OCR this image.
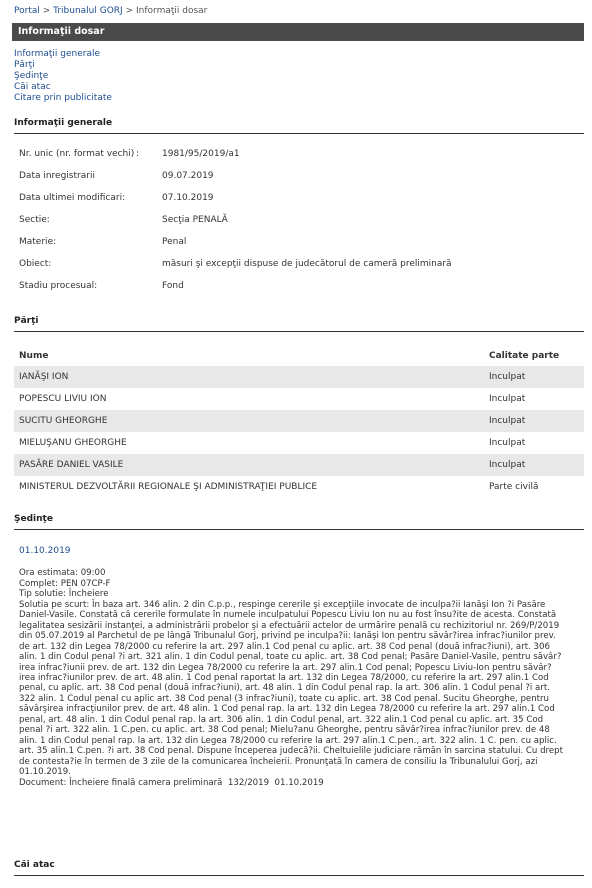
Portal > Tribunalul GORJ > Informaţii dosar
Informaţii dosar
Informaţii generale
Părţi
Şedinţe
Căi atac
Citare prin publicitate
Informaţii generale
Nr. unic (nr. format vechi) :	1981/95/2019/a1
Data inregistrarii	09.07.2019
Data ultimei modificari:	07.10.2019
Sectie:	Secţia PENALĂ
Materie:	Penal
Obiect:	măsuri şi excepţii dispuse de judecătorul de cameră preliminară
Stadiu procesual:	Fond
Părţi
Nume	Calitate parte
IANĂŞI ION	Inculpat
POPESCU LIVIU ION	Inculpat
SUCITU GHEORGHE	Inculpat
MIELUŞANU GHEORGHE	Inculpat
PASĂRE DANIEL VASILE	Inculpat
MINISTERUL DEZVOLTĂRII REGIONALE ŞI ADMINISTRAŢIEI PUBLICE	Parte civilă
Şedinţe
01.10.2019
Ora estimata: 09:00
Complet: PEN 07CP-F
Tip solutie: Încheiere
Solutia pe scurt: În baza art. 346 alin. 2 din C.p.p., respinge cererile şi excepţiile invocate de inculpa?ii Ianăşi Ion ?i Pasăre
Daniel-Vasile. Constată că cererile formulate în numele inculpatului Popescu Liviu Ion nu au fost însu?ite de acesta. Constată
legalitatea sesizării instanţei, a administrării probelor şi a efectuării actelor de urmărire penală cu rechizitoriul nr. 269/P/2019
din 05.07.2019 al Parchetul de pe lângă Tribunalul Gorj, privind pe inculpa?ii: Ianăşi Ion pentru săvâr?irea infrac?iunilor prev.
de art. 132 din Legea 78/2000 cu referire la art. 297 alin.1 Cod penal cu aplic. art. 38 Cod penal (două infrac?iuni), art. 306
alin. 1 din Codul penal ?i art. 321 alin. 1 din Codul penal, toate cu aplic. art. 38 Cod penal; Pasăre Daniel-Vasile, pentru săvâr?
irea infrac?iunii prev. de art. 132 din Legea 78/2000 cu referire la art. 297 alin.1 Cod penal; Popescu Liviu-Ion pentru săvâr?
irea infrac?iunilor prev. de art. 48 alin. 1 Cod penal raportat la art. 132 din Legea 78/2000, cu referire la art. 297 alin.1 Cod
penal, cu aplic. art. 38 Cod penal (două infrac?iuni), art. 48 alin. 1 din Codul penal rap. la art. 306 alin. 1 Codul penal ?i art.
322 alin. 1 Codul penal cu aplic art. 38 Cod penal (3 infrac?iuni), toate cu aplic. art. 38 Cod penal. Sucitu Gheorghe, pentru
săvârşirea infracţiunilor prev. de art. 48 alin. 1 Cod penal rap. la art. 132 din Legea 78/2000 cu referire la art. 297 alin.1 Cod
penal, art. 48 alin. 1 din Codul penal rap. la art. 306 alin. 1 din Codul penal, art. 322 alin.1 Cod penal cu aplic. art. 35 Cod
penal ?i art. 322 alin. 1 C.pen. cu aplic. art. 38 Cod penal; Mielu?anu Gheorghe, pentru săvâr?irea infrac?iunilor prev. de 48
alin. 1 din Codul penal rap. la art. 132 din Legea 78/2000 cu referire la art. 297 alin.1 C.pen., art. 322 alin. 1 C. pen. cu aplic.
art. 35 alin.1 C.pen. ?i art. 38 Cod penal. Dispune începerea judecă?ii. Cheltuielile judiciare rămân în sarcina statului. Cu drept
de contesta?ie în termen de 3 zile de la comunicarea încheierii. Pronunţată în camera de consiliu la Tribunalului Gorj, azi
01.10.2019.
Document: Încheiere finală camera preliminară  132/2019  01.10.2019
Căi atac
